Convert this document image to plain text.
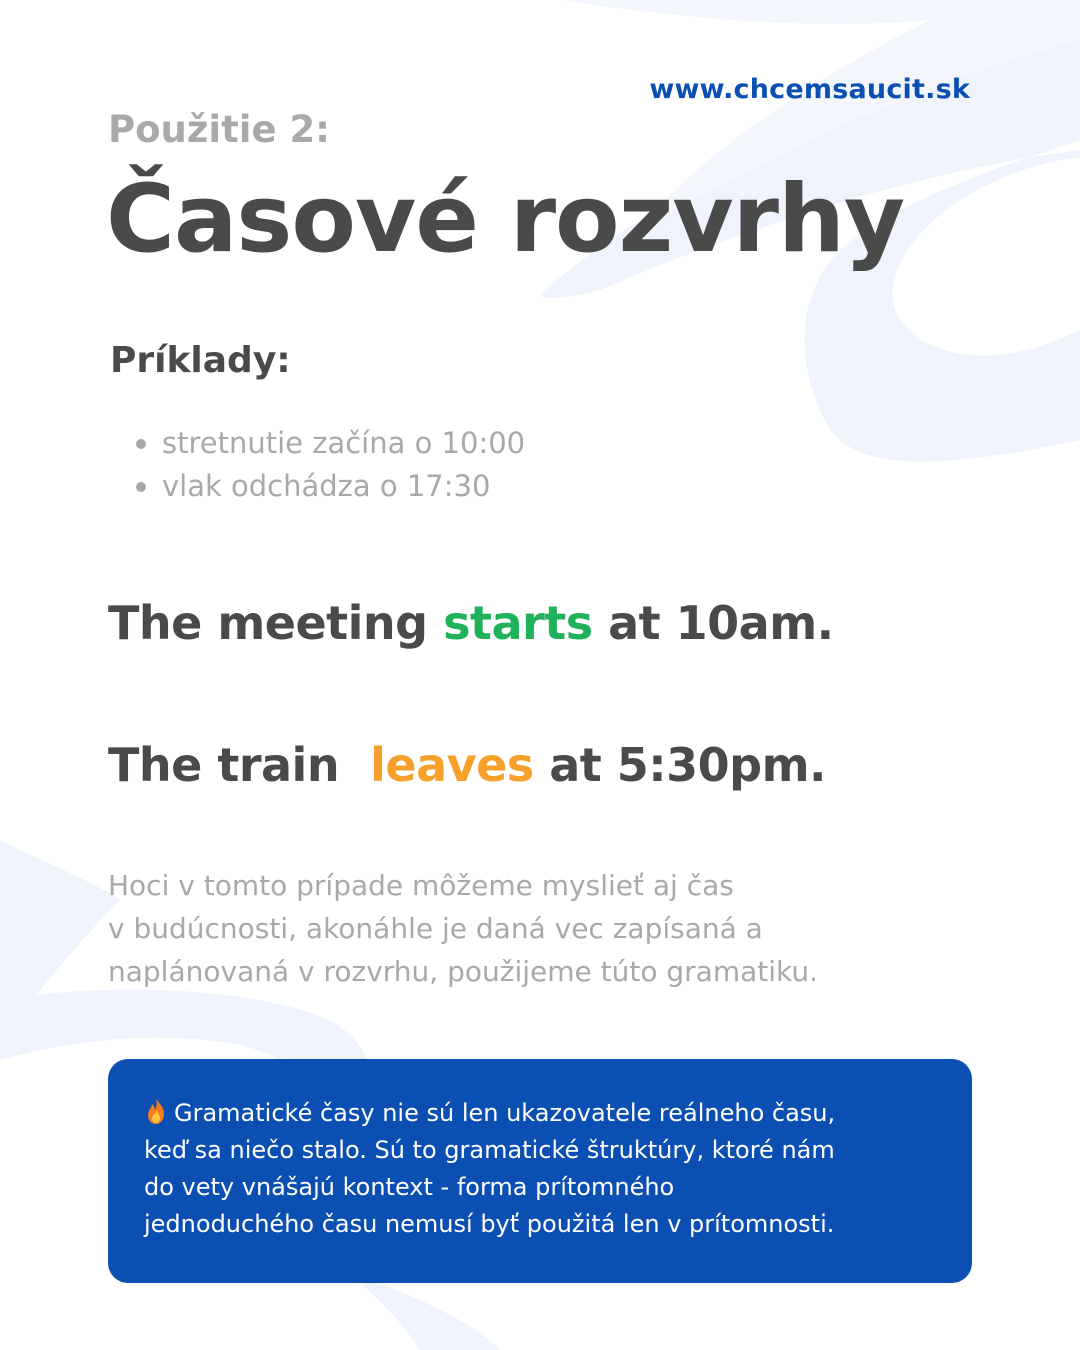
www.chcemsaucit.sk
Použitie 2:
Časové rozvrhy
Príklady:
stretnutie začína o 10:00
vlak odchádza o 17:30
The meeting starts at 10am.
The train  leaves at 5:30pm.
Hoci v tomto prípade môžeme myslieť aj čas
v budúcnosti, akonáhle je daná vec zapísaná a
naplánovaná v rozvrhu, použijeme túto gramatiku.
Gramatické časy nie sú len ukazovatele reálneho času,
keď sa niečo stalo. Sú to gramatické štruktúry, ktoré nám
do vety vnášajú kontext - forma prítomného
jednoduchého času nemusí byť použitá len v prítomnosti.
